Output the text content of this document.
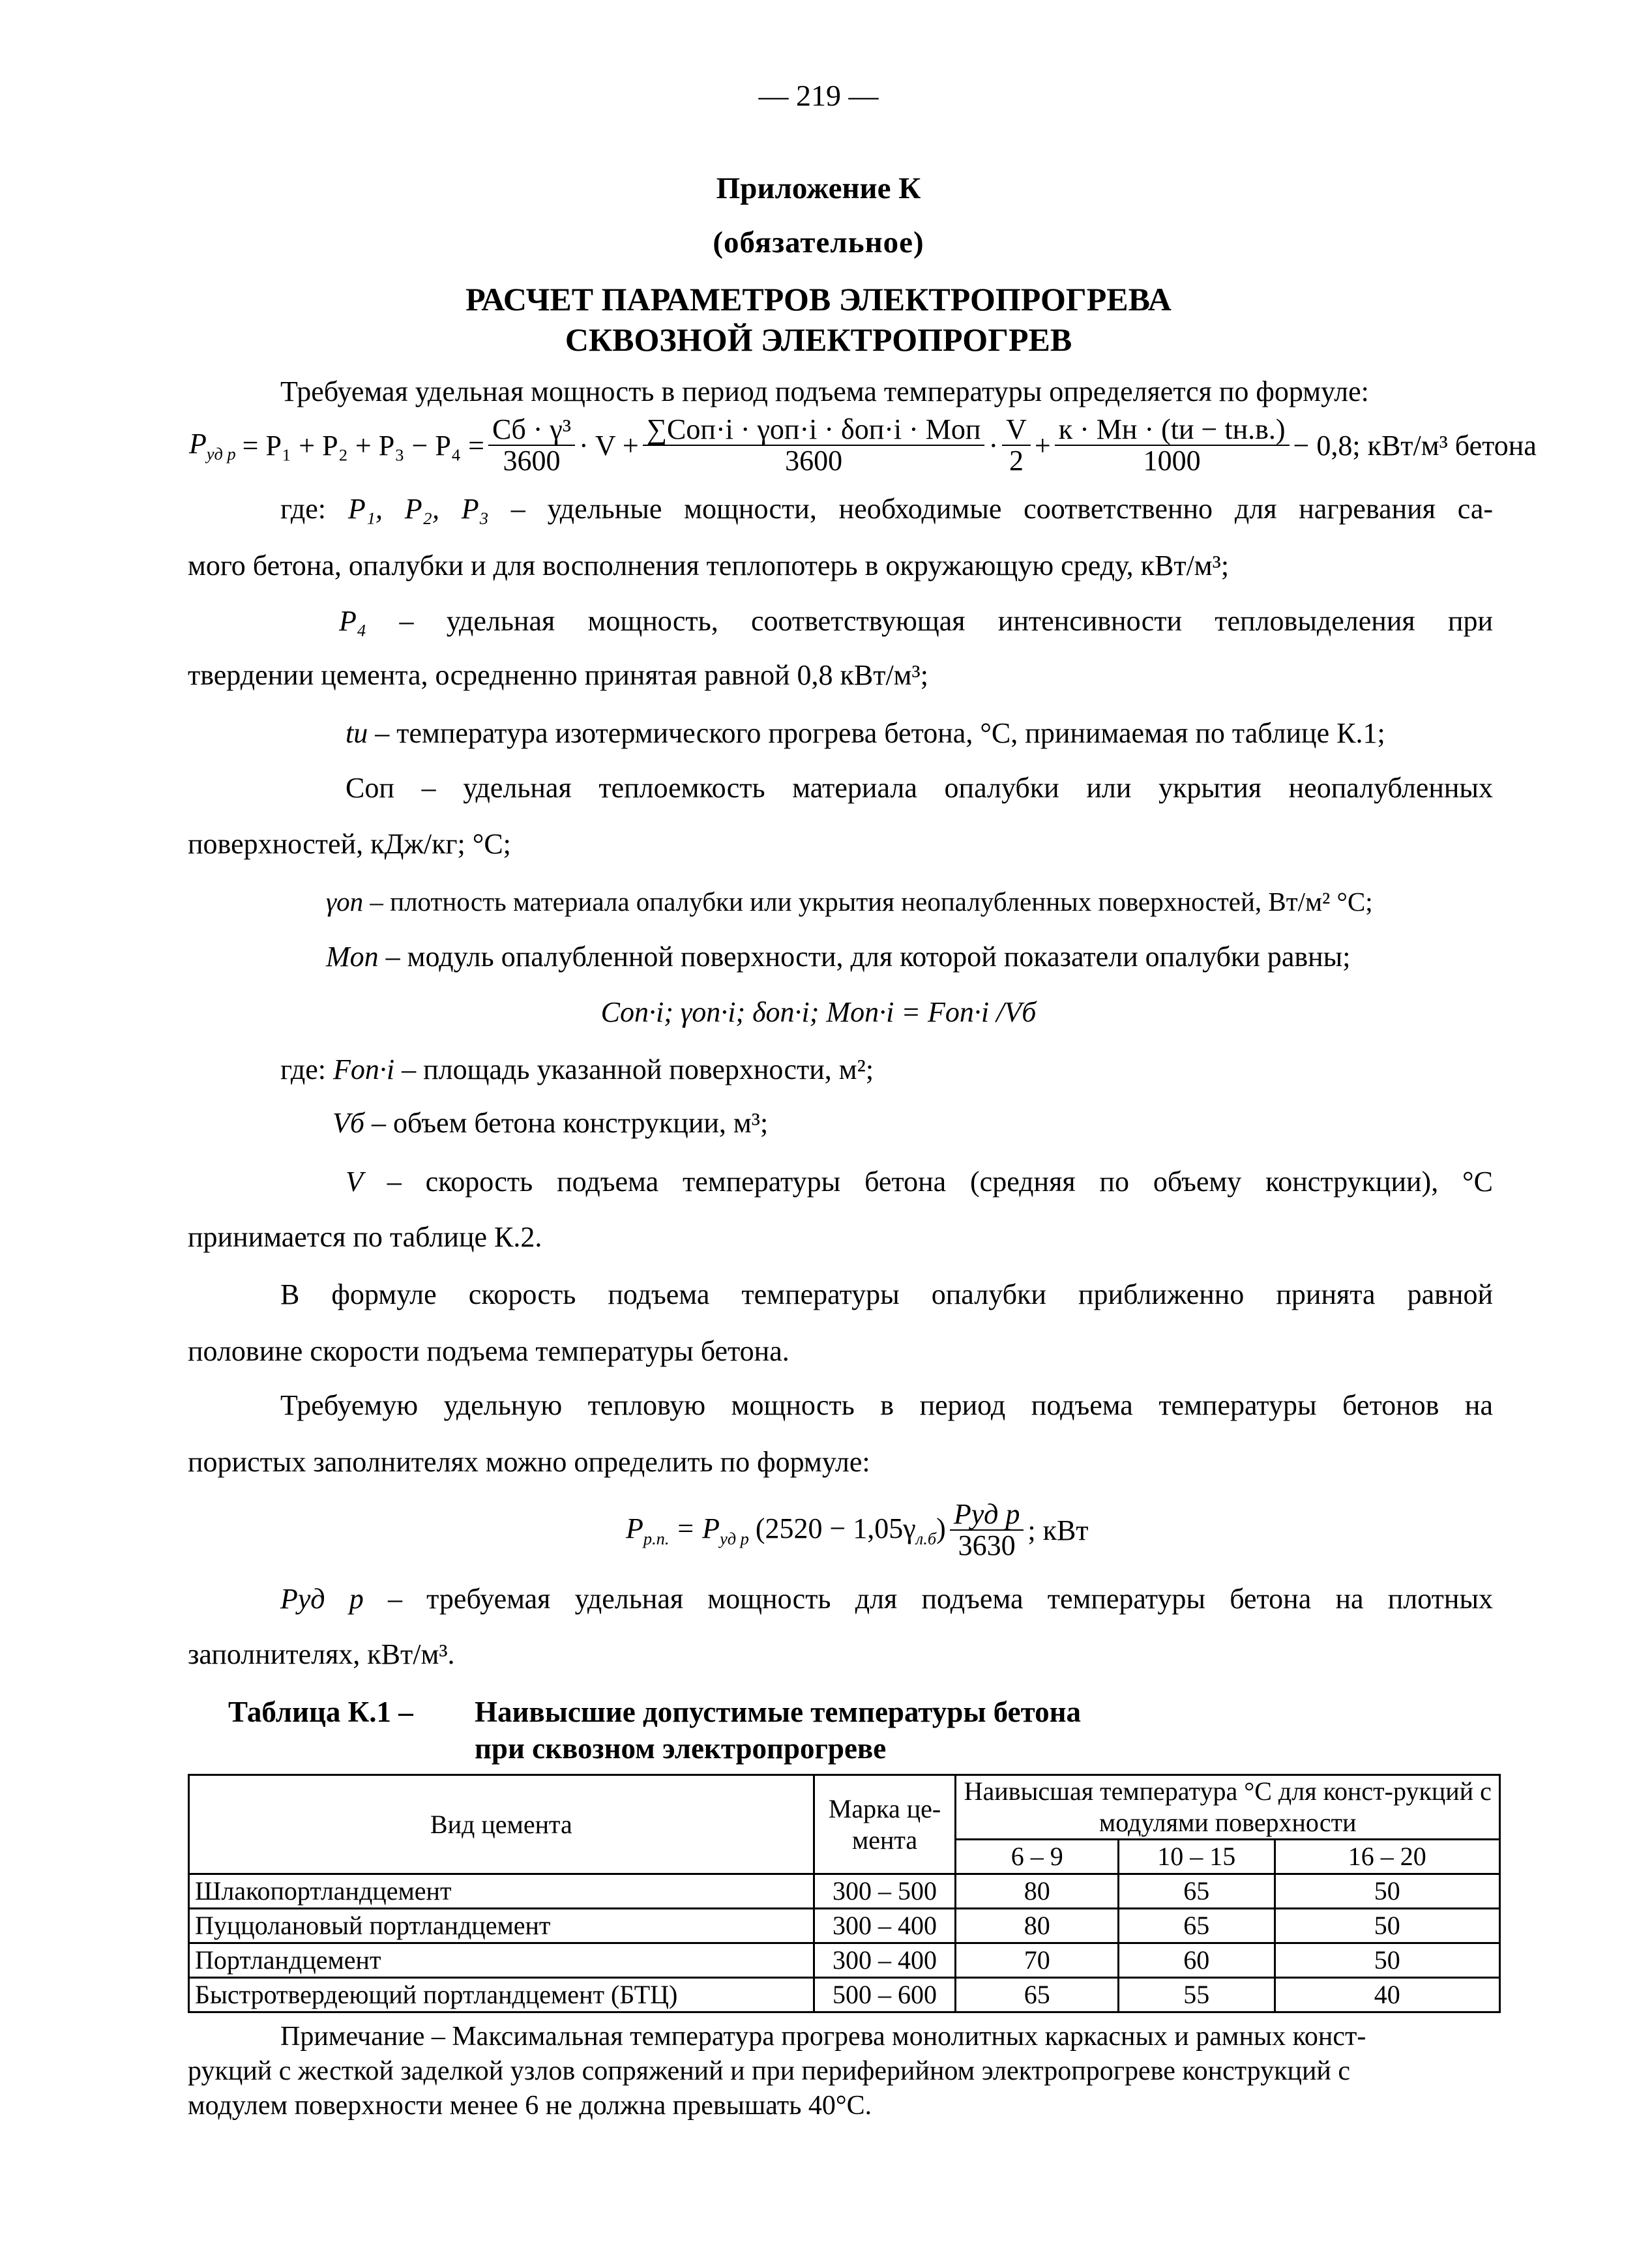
— 219 —
Приложение К
(обязательное)
РАСЧЕТ ПАРАМЕТРОВ ЭЛЕКТРОПРОГРЕВА
СКВОЗНОЙ ЭЛЕКТРОПРОГРЕВ
Требуемая удельная мощность в период подъема температуры определяется по формуле:
$P_{уд р} = P_1 + P_2 + P_3 - P_4 = \frac{\text{Cб · γ³}}{3600} \cdot V + \frac{\text{∑Cоп·i · γоп·i · δоп·i · Mоп}}{3600} \cdot \frac{V}{2} + \frac{к \cdot Mн \cdot (tи - tн.в.)}{1000} - 0,8$; кВт/м³ бетона
где: P₁, P₂, P₃ – удельные мощности, необходимые соответственно для нагревания са-
мого бетона, опалубки и для восполнения теплопотерь в окружающую среду, кВт/м³;
P₄ – удельная мощность, соответствующая интенсивности тепловыделения при
твердении цемента, осредненно принятая равной 0,8 кВт/м³;
tи – температура изотермического прогрева бетона, °С, принимаемая по таблице К.1;
Cоп – удельная теплоемкость материала опалубки или укрытия неопалубленных
поверхностей, кДж/кг; °С;
γоп – плотность материала опалубки или укрытия неопалубленных поверхностей, Вт/м² °С;
Mоп – модуль опалубленной поверхности, для которой показатели опалубки равны;
Cоп·i; γоп·i; δоп·i; Mоп·i = Fоп·i /Vб
где: Fоп·i – площадь указанной поверхности, м²;
Vб – объем бетона конструкции, м³;
V – скорость подъема температуры бетона (средняя по объему конструкции), °С
принимается по таблице К.2.
В формуле скорость подъема температуры опалубки приближенно принята равной
половине скорости подъема температуры бетона.
Требуемую удельную тепловую мощность в период подъема температуры бетонов на
пористых заполнителях можно определить по формуле:
$P_{р.п.} = P_{уд р}$ $(2520 - 1,05\gamma_{л.б}) \frac{\text{Pуд р}}{3630}$ ; кВт
Pуд р – требуемая удельная мощность для подъема температуры бетона на плотных
заполнителях, кВт/м³.
Таблица К.1 – Наивысшие допустимые температуры бетона
при сквозном электропрогреве
Вид цемента	Марка це-мента	Наивысшая температура °С для конст-рукций с модулями поверхности		
		6 – 9	10 – 15	16 – 20
Шлакопортландцемент	300 – 500	80	65	50
Пуццолановый портландцемент	300 – 400	80	65	50
Портландцемент	300 – 400	70	60	50
Быстротвердеющий портландцемент (БТЦ)	500 – 600	65	55	40
Примечание – Максимальная температура прогрева монолитных каркасных и рамных конст-
рукций с жесткой заделкой узлов сопряжений и при периферийном электропрогреве конструкций с
модулем поверхности менее 6 не должна превышать 40°С.
